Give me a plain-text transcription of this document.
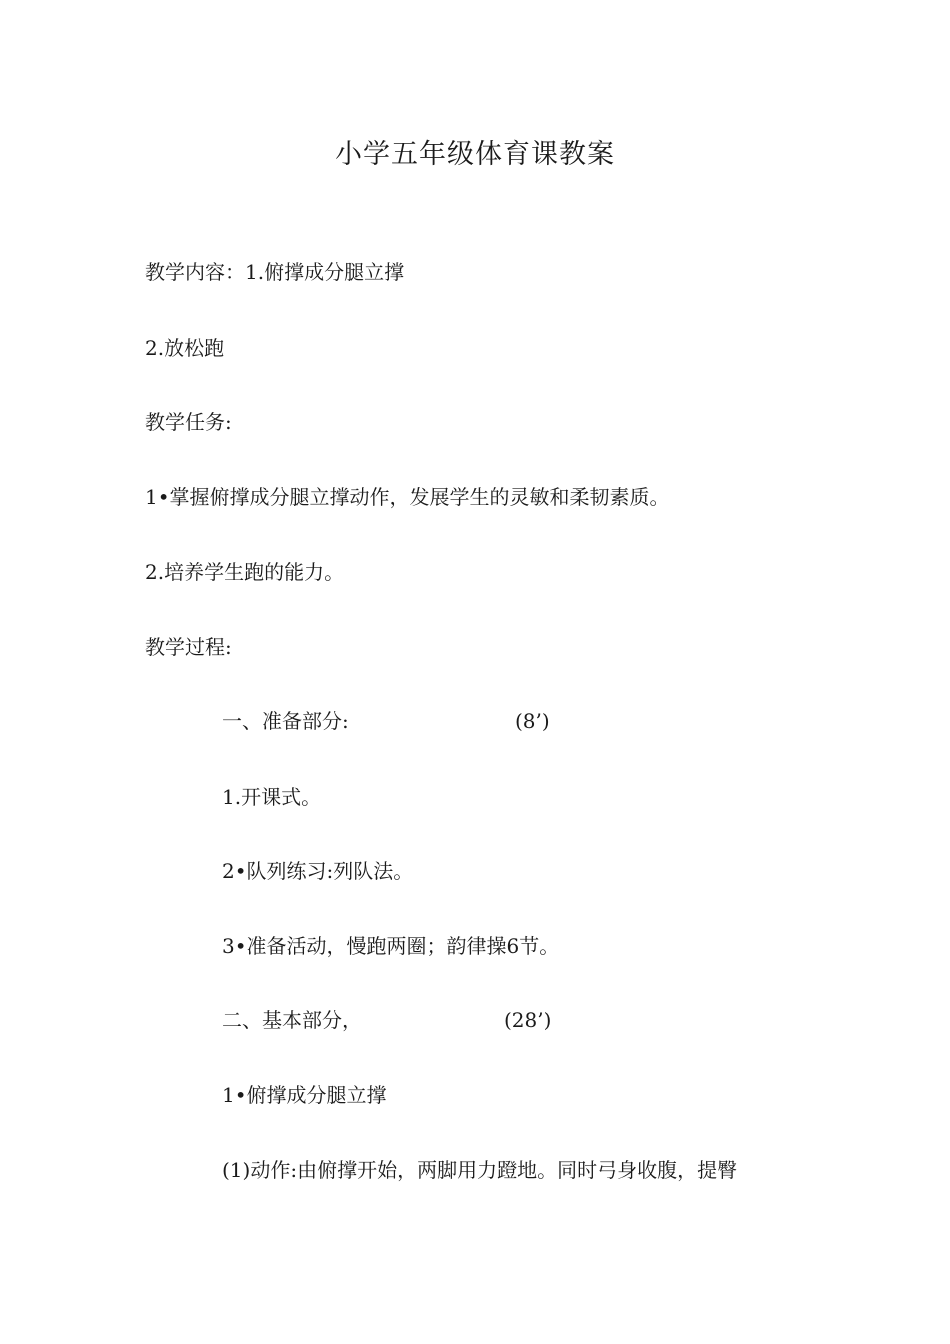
小学五年级体育课教案
教学内容：1.俯撑成分腿立撑
2.放松跑
教学任务:
1•掌握俯撑成分腿立撑动作，发展学生的灵敏和柔韧素质。
2.培养学生跑的能力。
教学过程:
一、准备部分:	(8’)
1.开课式。
2•队列练习:列队法。
3•准备活动，慢跑两圈；韵律操6节。
二、基本部分，	(28’)
1•俯撑成分腿立撑
(1)动作:由俯撑开始，两脚用力蹬地。同时弓身收腹，提臀
